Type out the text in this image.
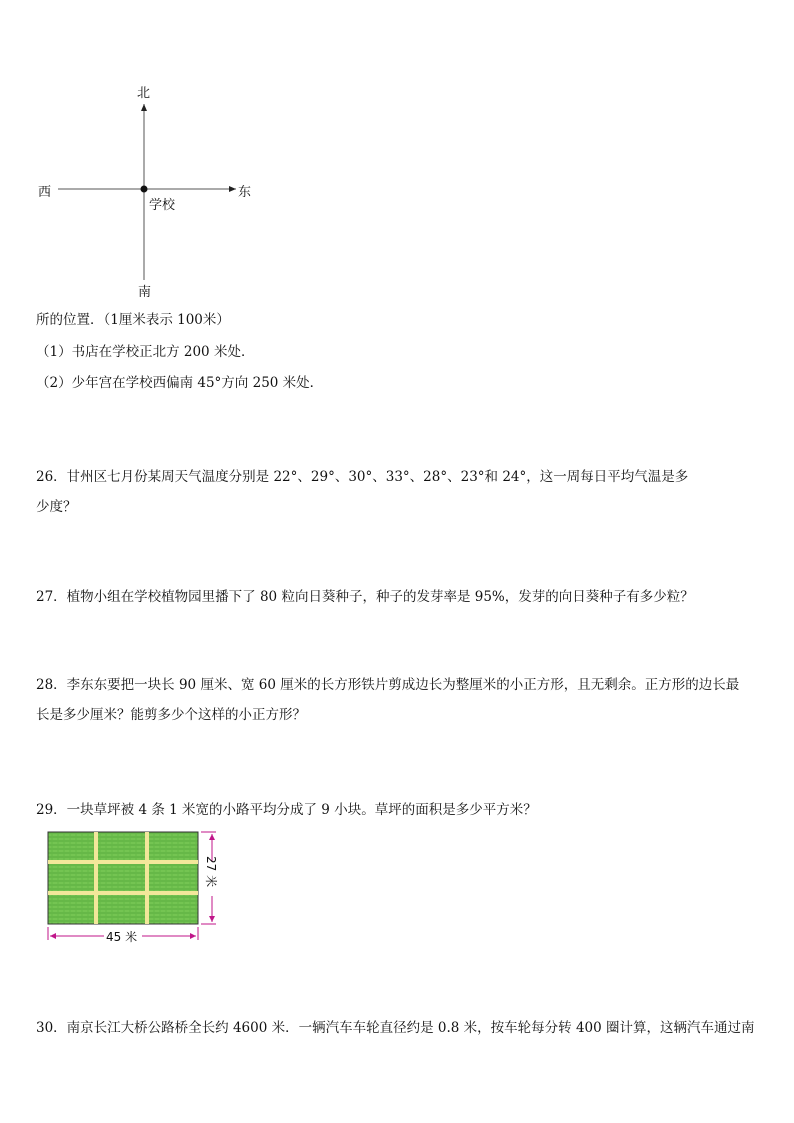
北
南
西	东
学校
所的位置．（1厘米表示 100米）
（1）书店在学校正北方 200 米处．
（2）少年宫在学校西偏南 45°方向 250 米处．
26．甘州区七月份某周天气温度分别是 22°、29°、30°、33°、28°、23°和 24°，这一周每日平均气温是多
少度？
27．植物小组在学校植物园里播下了 80 粒向日葵种子，种子的发芽率是 95%，发芽的向日葵种子有多少粒？
28．李东东要把一块长 90 厘米、宽 60 厘米的长方形铁片剪成边长为整厘米的小正方形，且无剩余。正方形的边长最
长是多少厘米？能剪多少个这样的小正方形？
29．一块草坪被 4 条 1 米宽的小路平均分成了 9 小块。草坪的面积是多少平方米？
45 米
27 米
30．南京长江大桥公路桥全长约 4600 米．一辆汽车车轮直径约是 0.8 米，按车轮每分转 400 圈计算，这辆汽车通过南
